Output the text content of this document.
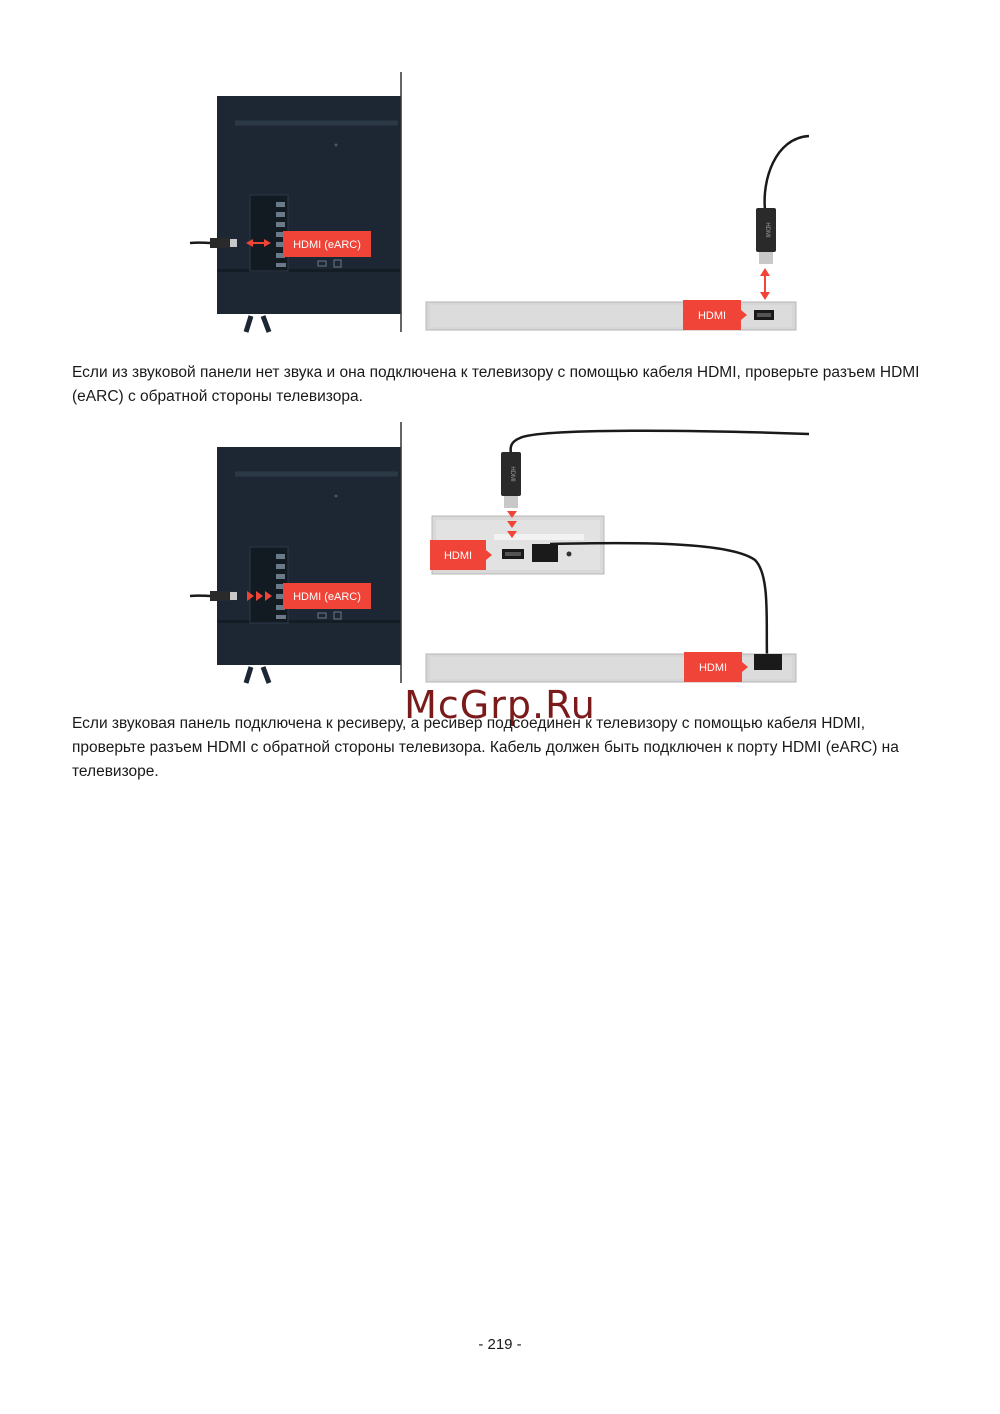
HDMI (eARC)
HDMI
HDMI

Если из звуковой панели нет звука и она подключена к телевизору с помощью кабеля HDMI, проверьте разъем HDMI (eARC) с обратной стороны телевизора.

HDMI (eARC)
HDMI
HDMI
HDMI
McGrp.Ru

Если звуковая панель подключена к ресиверу, а ресивер подсоединен к телевизору с помощью кабеля HDMI, проверьте разъем HDMI с обратной стороны телевизора. Кабель должен быть подключен к порту HDMI (eARC) на телевизоре.

- 219 -
